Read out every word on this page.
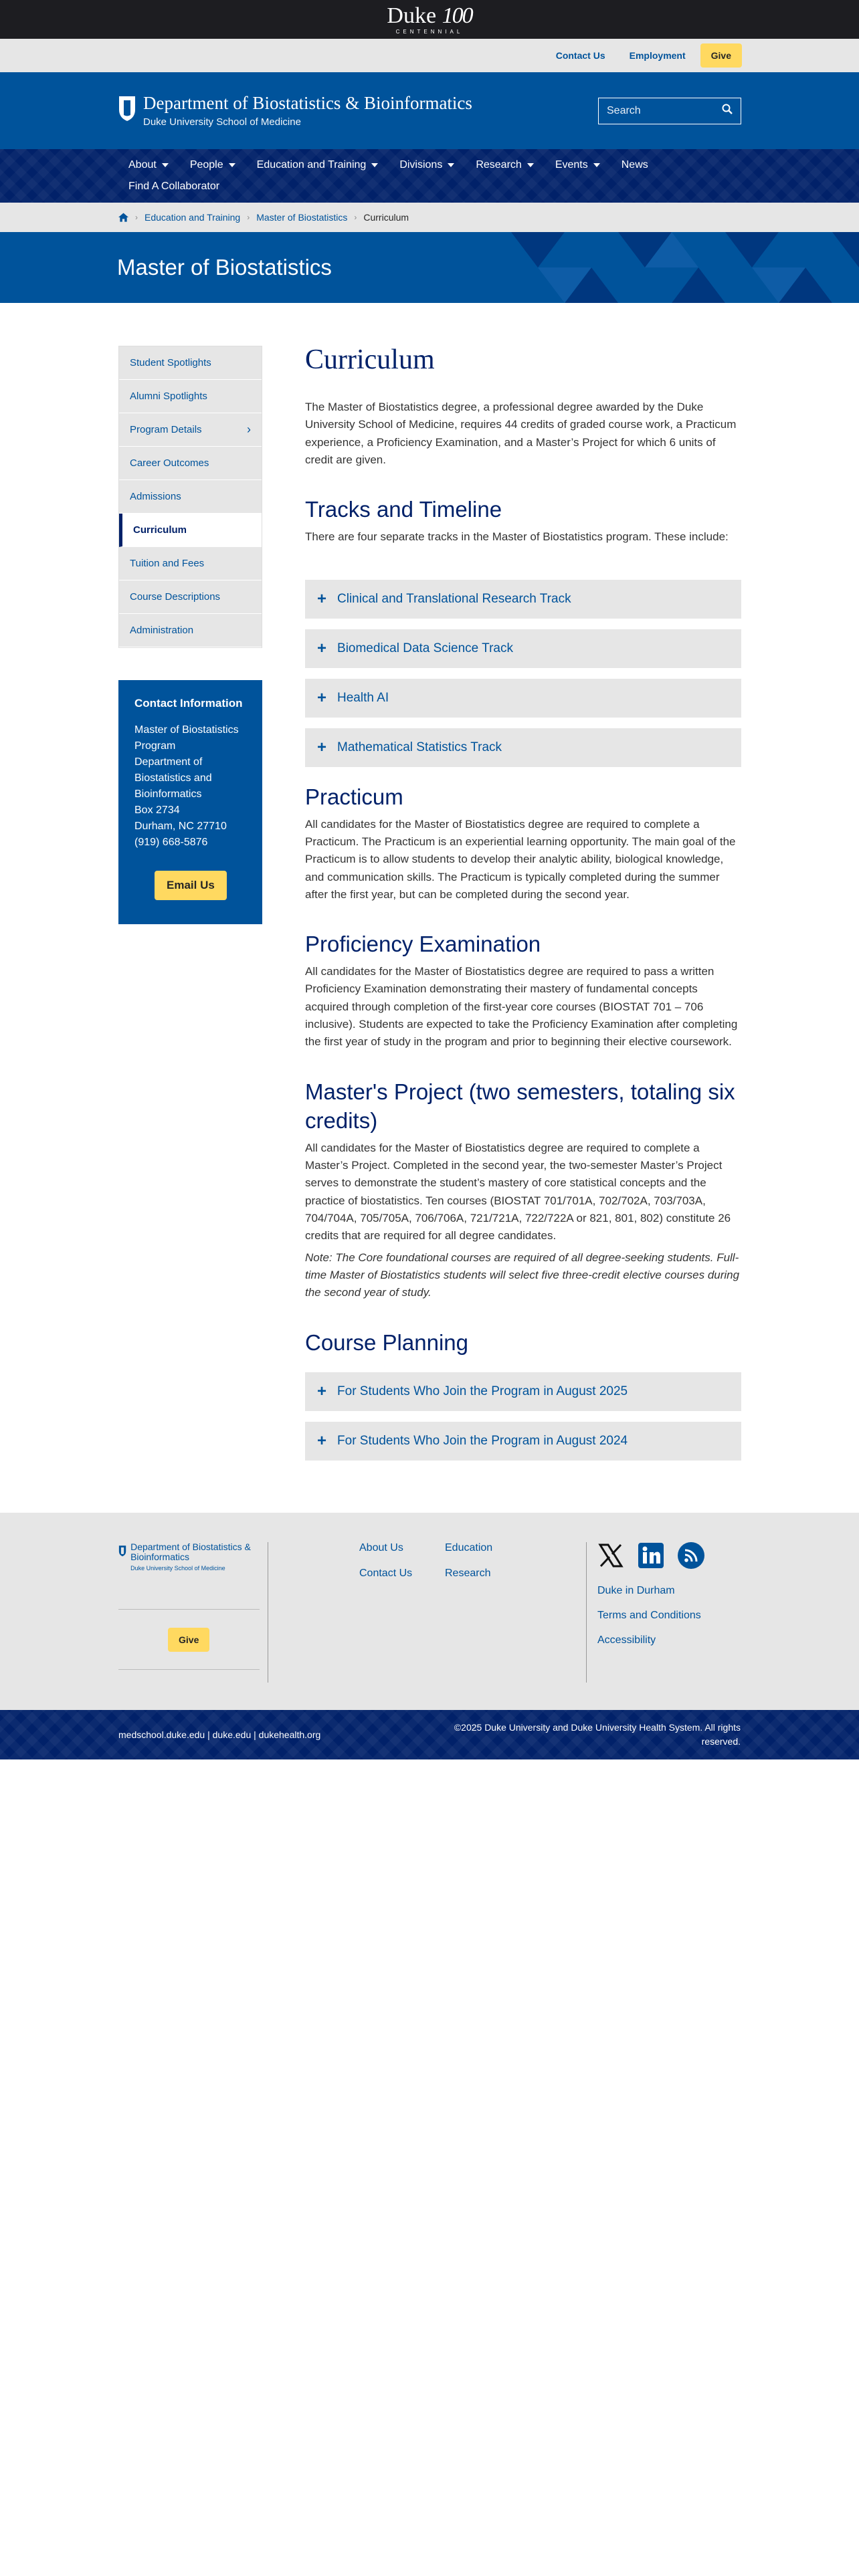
Duke 100
CENTENNIAL
Contact Us	Employment	Give
Department of Biostatistics & Bioinformatics
Duke University School of Medicine
Search
About	People	Education and Training	Divisions	Research	Events	News
Find A Collaborator
› Education and Training › Master of Biostatistics › Curriculum
Master of Biostatistics
Student Spotlights
Alumni Spotlights
Program Details	›
Career Outcomes
Admissions
Curriculum
Tuition and Fees
Course Descriptions
Administration
Contact Information

Master of Biostatistics Program

Department of Biostatistics and Bioinformatics

Box 2734

Durham, NC 27710

(919) 668-5876

Email Us
Curriculum

The Master of Biostatistics degree, a professional degree awarded by the Duke University School of Medicine, requires 44 credits of graded course work, a Practicum experience, a Proficiency Examination, and a Master’s Project for which 6 units of credit are given.

Tracks and Timeline

There are four separate tracks in the Master of Biostatistics program. These include:

+ Clinical and Translational Research Track
+ Biomedical Data Science Track
+ Health AI
+ Mathematical Statistics Track
Practicum

All candidates for the Master of Biostatistics degree are required to complete a Practicum. The Practicum is an experiential learning opportunity. The main goal of the Practicum is to allow students to develop their analytic ability, biological knowledge, and communication skills. The Practicum is typically completed during the summer after the first year, but can be completed during the second year.

Proficiency Examination

All candidates for the Master of Biostatistics degree are required to pass a written Proficiency Examination demonstrating their mastery of fundamental concepts acquired through completion of the first-year core courses (BIOSTAT 701 – 706 inclusive). Students are expected to take the Proficiency Examination after completing the first year of study in the program and prior to beginning their elective coursework.

Master's Project (two semesters, totaling six credits)

All candidates for the Master of Biostatistics degree are required to complete a Master’s Project. Completed in the second year, the two-semester Master’s Project serves to demonstrate the student’s mastery of core statistical concepts and the practice of biostatistics. Ten courses (BIOSTAT 701/701A, 702/702A, 703/703A, 704/704A, 705/705A, 706/706A, 721/721A, 722/722A or 821, 801, 802) constitute 26 credits that are required for all degree candidates.

Note: The Core foundational courses are required of all degree-seeking students. Full-time Master of Biostatistics students will select five three-credit elective courses during the second year of study.

Course Planning
+ For Students Who Join the Program in August 2025
+ For Students Who Join the Program in August 2024
Department of Biostatistics & Bioinformatics
Duke University School of Medicine
Give
About Us	Education
Contact Us	Research
Duke in Durham
Terms and Conditions
Accessibility
medschool.duke.edu | duke.edu | dukehealth.org
©2025 Duke University and Duke University Health System. All rights reserved.
